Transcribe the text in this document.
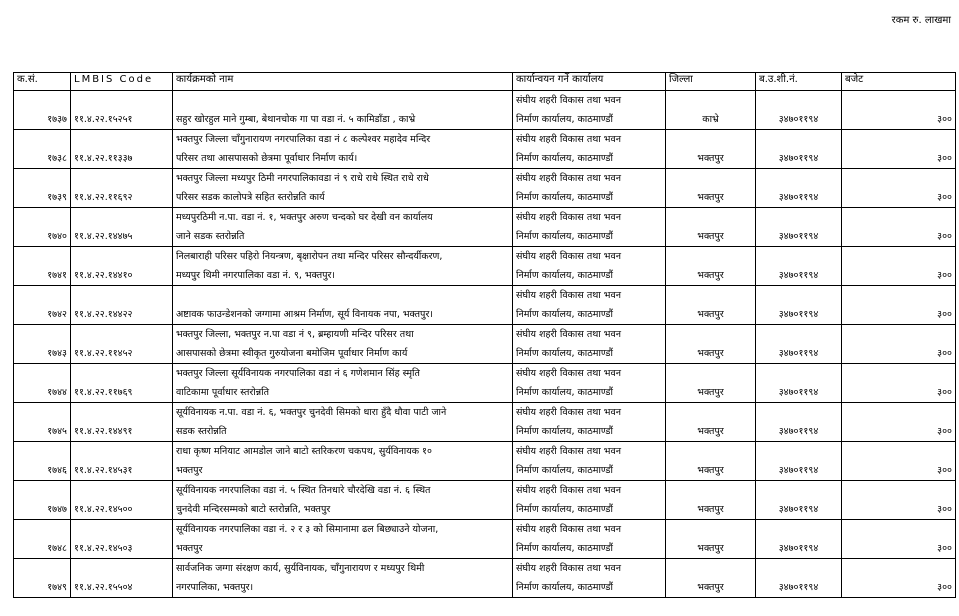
रकम रु. लाखमा
क.सं.	LMBIS Code	कार्यक्रमको नाम	कार्यान्वयन गर्ने कार्यालय	जिल्ला	ब.उ.शी.नं.	बजेट
१७३७	११.४.२२.१५२५१	सहुर खोरहुल माने गुम्बा, बेथानचोक गा पा वडा नं. ५ कामिडाँडा , काभ्रे	संघीय शहरी विकास तथा भवन
निर्माण कार्यालय, काठमाण्डौं	काभ्रे	३४७०११९४	३००
१७३८	११.४.२२.११३३७	भक्तपुर जिल्ला चाँगुनारायण नगरपालिका वडा नं ८ कल्पेश्वर महादेव मन्दिर
परिसर तथा आसपासको छेत्रमा पूर्वाधार निर्माण कार्य।	संघीय शहरी विकास तथा भवन
निर्माण कार्यालय, काठमाण्डौं	भक्तपुर	३४७०११९४	३००
१७३९	११.४.२२.११६९२	भक्तपुर जिल्ला मध्यपुर ठिमी नगरपालिकावडा नं ९ राधे राधे स्थित राधे राधे
परिसर सडक कालोपत्रे सहित स्तरोन्नति कार्य	संघीय शहरी विकास तथा भवन
निर्माण कार्यालय, काठमाण्डौं	भक्तपुर	३४७०११९४	३००
१७४०	११.४.२२.१४४७५	मध्यपुरठिमी न.पा. वडा नं. १, भक्तपुर अरुण चन्दको घर देखी वन कार्यालय
जाने सडक स्तरोन्नति	संघीय शहरी विकास तथा भवन
निर्माण कार्यालय, काठमाण्डौं	भक्तपुर	३४७०११९४	३००
१७४१	११.४.२२.१४४१०	निलबाराही परिसर पहिरो नियन्त्रण, बृक्षारोपन तथा मन्दिर परिसर सौन्दर्यीकरण,
मध्यपुर थिमी नगरपालिका वडा नं. ९, भक्तपुर।	संघीय शहरी विकास तथा भवन
निर्माण कार्यालय, काठमाण्डौं	भक्तपुर	३४७०११९४	३००
१७४२	११.४.२२.१४४२२	अष्टावक फाउन्डेशनको जग्गामा आश्रम निर्माण, सूर्य विनायक नपा, भक्तपुर।	संघीय शहरी विकास तथा भवन
निर्माण कार्यालय, काठमाण्डौं	भक्तपुर	३४७०११९४	३००
१७४३	११.४.२२.११४५२	भक्तपुर जिल्ला, भक्तपुर न.पा वडा नं ९, ब्रम्हायणी मन्दिर परिसर तथा
आसपासको छेत्रमा स्वीकृत गुरुयोजना बमोजिम पूर्वाधार निर्माण कार्य	संघीय शहरी विकास तथा भवन
निर्माण कार्यालय, काठमाण्डौं	भक्तपुर	३४७०११९४	३००
१७४४	११.४.२२.११७६९	भक्तपुर जिल्ला सूर्यविनायक नगरपालिका वडा नं ६ गणेशमान सिंह स्मृति
वाटिकामा पूर्वाधार स्तरोन्नति	संघीय शहरी विकास तथा भवन
निर्माण कार्यालय, काठमाण्डौं	भक्तपुर	३४७०११९४	३००
१७४५	११.४.२२.१४४९१	सूर्यविनायक न.पा. वडा नं. ६, भक्तपुर चुनदेवी सिमको धारा हुँदै धौवा पाटी जाने
सडक स्तरोन्नति	संघीय शहरी विकास तथा भवन
निर्माण कार्यालय, काठमाण्डौं	भक्तपुर	३४७०११९४	३००
१७४६	११.४.२२.१४५३१	राधा कृष्ण मनियाट आमडोल जाने बाटो स्तरिकरण चकपथ, सुर्यविनायक १०
भक्तपुर	संघीय शहरी विकास तथा भवन
निर्माण कार्यालय, काठमाण्डौं	भक्तपुर	३४७०११९४	३००
१७४७	११.४.२२.१४५००	सूर्यविनायक नगरपालिका वडा नं. ५ स्थित तिनधारे चौरदेखि वडा नं. ६ स्थित
चुनदेवी मन्दिरसम्मको बाटो स्तरोन्नति, भक्तपुर	संघीय शहरी विकास तथा भवन
निर्माण कार्यालय, काठमाण्डौं	भक्तपुर	३४७०११९४	३००
१७४८	११.४.२२.१४५०३	सूर्यविनायक नगरपालिका वडा नं. २ र ३ को सिमानामा ढल बिछ्याउने योजना,
भक्तपुर	संघीय शहरी विकास तथा भवन
निर्माण कार्यालय, काठमाण्डौं	भक्तपुर	३४७०११९४	३००
१७४९	११.४.२२.१५५०४	सार्वजनिक जग्गा संरक्षण कार्य, सुर्यविनायक, चाँगुनारायण र मध्यपुर थिमी
नगरपालिका, भक्तपुर।	संघीय शहरी विकास तथा भवन
निर्माण कार्यालय, काठमाण्डौं	भक्तपुर	३४७०११९४	३००
